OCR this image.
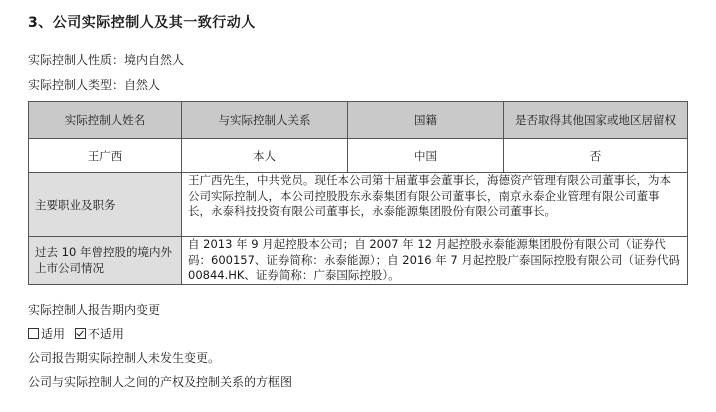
3、公司实际控制人及其一致行动人
实际控制人性质：境内自然人
实际控制人类型：自然人
实际控制人姓名	与实际控制人关系	国籍	是否取得其他国家或地区居留权
王广西	本人	中国	否
主要职业及职务	王广西先生，中共党员。现任本公司第十届董事会董事长，海德资产管理有限公司董事长，为本公司实际控制人，本公司控股股东永泰集团有限公司董事长，南京永泰企业管理有限公司董事长，永泰科技投资有限公司董事长，永泰能源集团股份有限公司董事长。		
过去 10 年曾控股的境内外上市公司情况	自 2013 年 9 月起控股本公司；自 2007 年 12 月起控股永泰能源集团股份有限公司（证券代码：600157、证券简称：永泰能源）；自 2016 年 7 月起控股广泰国际控股有限公司（证券代码 00844.HK、证券简称：广泰国际控股）。		
实际控制人报告期内变更
适用 不适用
公司报告期实际控制人未发生变更。
公司与实际控制人之间的产权及控制关系的方框图
